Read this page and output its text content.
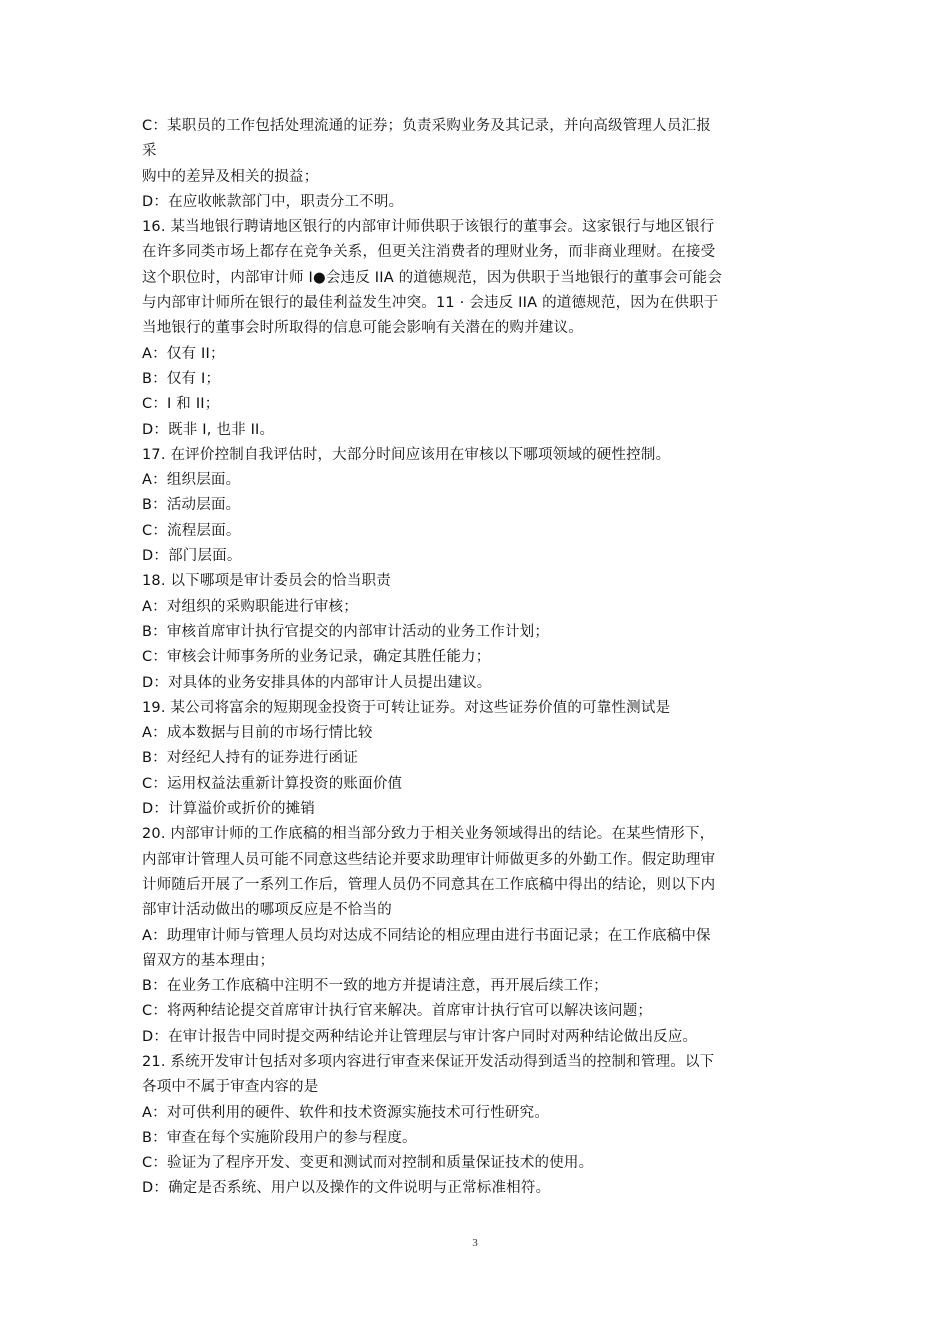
C：某职员的工作包括处理流通的证券；负责采购业务及其记录，并向高级管理人员汇报
采
购中的差异及相关的损益；
D：在应收帐款部门中，职责分工不明。
16. 某当地银行聘请地区银行的内部审计师供职于该银行的董事会。这家银行与地区银行
在许多同类市场上都存在竞争关系，但更关注消费者的理财业务，而非商业理财。在接受
这个职位时，内部审计师 I●会违反 IIA 的道德规范，因为供职于当地银行的董事会可能会
与内部审计师所在银行的最佳利益发生冲突。11 · 会违反 IIA 的道德规范，因为在供职于
当地银行的董事会时所取得的信息可能会影响有关潜在的购并建议。
A：仅有 II；
B：仅有 I；
C：I 和 II；
D：既非 I, 也非 II。
17. 在评价控制自我评估时，大部分时间应该用在审核以下哪项领域的硬性控制。
A：组织层面。
B：活动层面。
C：流程层面。
D：部门层面。
18. 以下哪项是审计委员会的恰当职责
A：对组织的采购职能进行审核；
B：审核首席审计执行官提交的内部审计活动的业务工作计划；
C：审核会计师事务所的业务记录，确定其胜任能力；
D：对具体的业务安排具体的内部审计人员提出建议。
19. 某公司将富余的短期现金投资于可转让证券。对这些证券价值的可靠性测试是
A：成本数据与目前的市场行情比较
B：对经纪人持有的证券进行函证
C：运用权益法重新计算投资的账面价值
D：计算溢价或折价的摊销
20. 内部审计师的工作底稿的相当部分致力于相关业务领域得出的结论。在某些情形下，
内部审计管理人员可能不同意这些结论并要求助理审计师做更多的外勤工作。假定助理审
计师随后开展了一系列工作后，管理人员仍不同意其在工作底稿中得出的结论，则以下内
部审计活动做出的哪项反应是不恰当的
A：助理审计师与管理人员均对达成不同结论的相应理由进行书面记录；在工作底稿中保
留双方的基本理由；
B：在业务工作底稿中注明不一致的地方并提请注意，再开展后续工作；
C：将两种结论提交首席审计执行官来解决。首席审计执行官可以解决该问题；
D：在审计报告中同时提交两种结论并让管理层与审计客户同时对两种结论做出反应。
21. 系统开发审计包括对多项内容进行审查来保证开发活动得到适当的控制和管理。以下
各项中不属于审查内容的是
A：对可供利用的硬件、软件和技术资源实施技术可行性研究。
B：审查在每个实施阶段用户的参与程度。
C：验证为了程序开发、变更和测试而对控制和质量保证技术的使用。
D：确定是否系统、用户以及操作的文件说明与正常标准相符。
3
